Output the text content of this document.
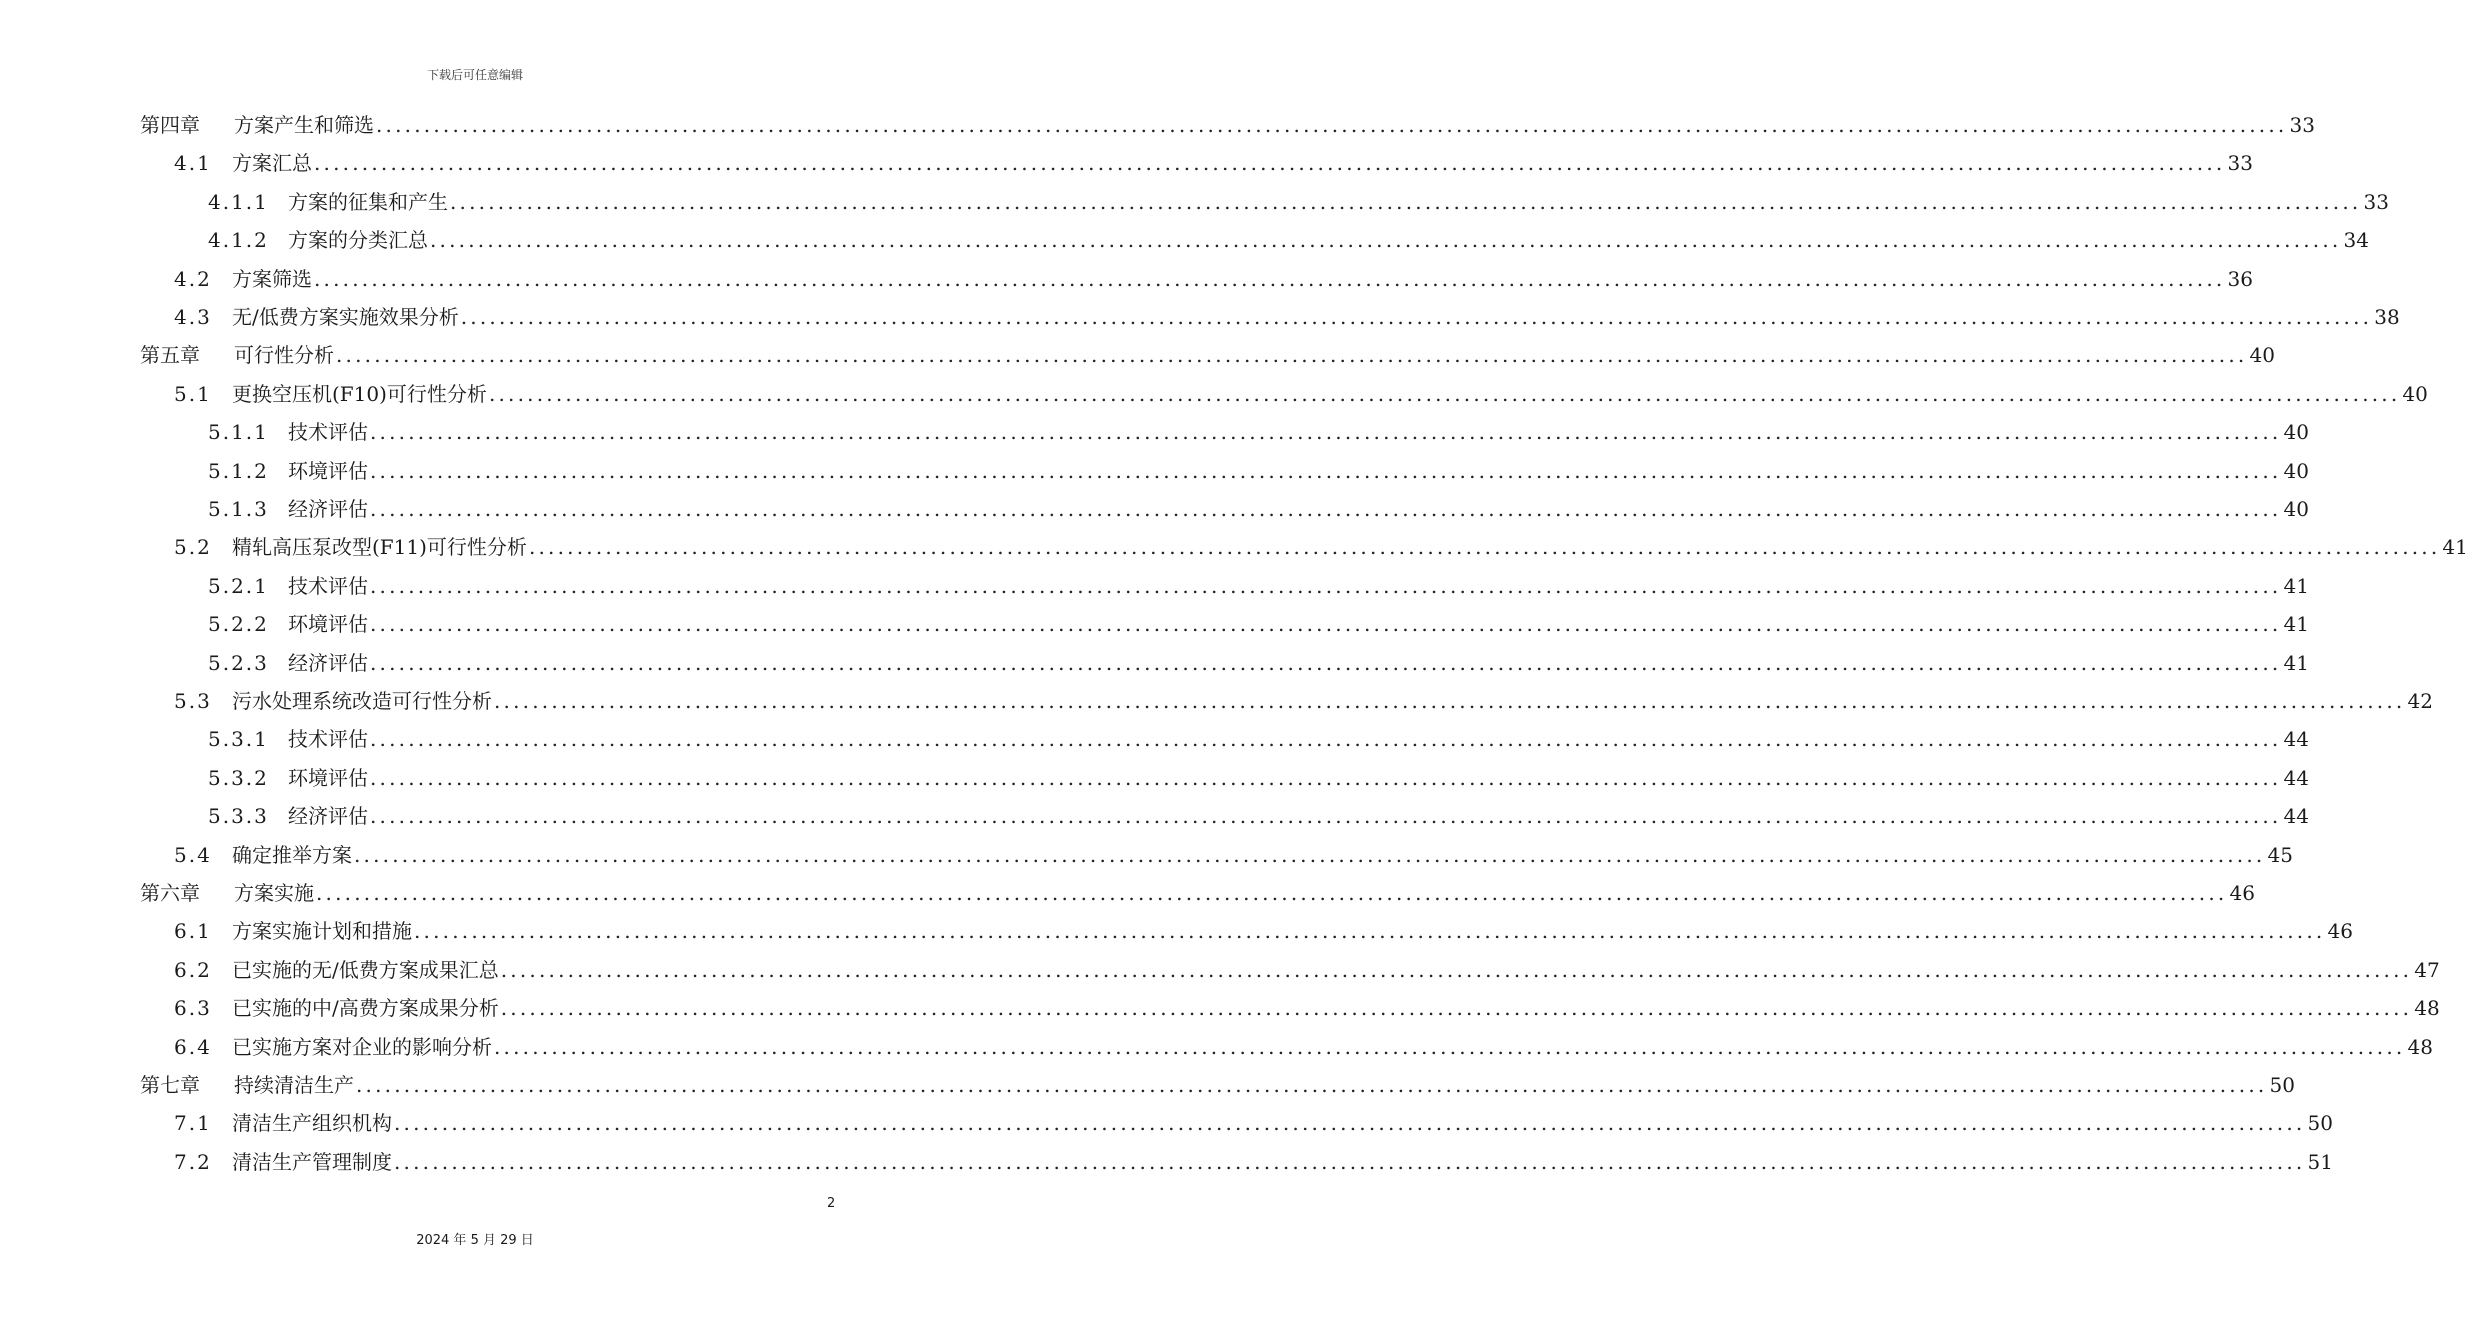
下载后可任意编辑
第四章	方案产生和筛选 ........................................................................................................................................................................................................ 33
4.1	方案汇总 ........................................................................................................................................................................................................ 33
4.1.1 方案的征集和产生 ........................................................................................................................................................................................................ 33
4.1.2 方案的分类汇总 ........................................................................................................................................................................................................ 34
4.2	方案筛选 ........................................................................................................................................................................................................ 36
4.3	无/低费方案实施效果分析 ........................................................................................................................................................................................................ 38
第五章	可行性分析 ........................................................................................................................................................................................................ 40
5.1	更换空压机(F10)可行性分析 ........................................................................................................................................................................................................ 40
5.1.1 技术评估 ........................................................................................................................................................................................................ 40
5.1.2 环境评估 ........................................................................................................................................................................................................ 40
5.1.3 经济评估 ........................................................................................................................................................................................................ 40
5.2	精轧高压泵改型(F11)可行性分析 ........................................................................................................................................................................................................ 41
5.2.1 技术评估 ........................................................................................................................................................................................................ 41
5.2.2 环境评估 ........................................................................................................................................................................................................ 41
5.2.3 经济评估 ........................................................................................................................................................................................................ 41
5.3	污水处理系统改造可行性分析 ........................................................................................................................................................................................................ 42
5.3.1 技术评估 ........................................................................................................................................................................................................ 44
5.3.2 环境评估 ........................................................................................................................................................................................................ 44
5.3.3 经济评估 ........................................................................................................................................................................................................ 44
5.4	确定推举方案 ........................................................................................................................................................................................................ 45
第六章	方案实施 ........................................................................................................................................................................................................ 46
6.1	方案实施计划和措施 ........................................................................................................................................................................................................ 46
6.2	已实施的无/低费方案成果汇总 ........................................................................................................................................................................................................ 47
6.3	已实施的中/高费方案成果分析 ........................................................................................................................................................................................................ 48
6.4	已实施方案对企业的影响分析 ........................................................................................................................................................................................................ 48
第七章	持续清洁生产 ........................................................................................................................................................................................................ 50
7.1	清洁生产组织机构 ........................................................................................................................................................................................................ 50
7.2	清洁生产管理制度 ........................................................................................................................................................................................................ 51
2
2024 年 5 月 29 日
